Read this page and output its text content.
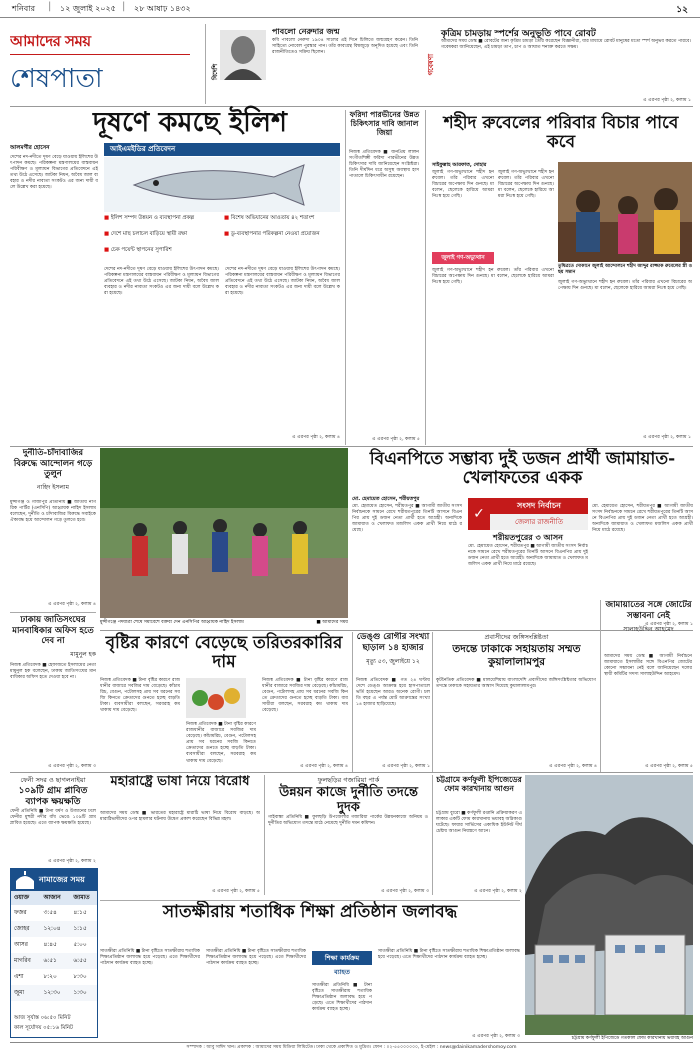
শনিবার | ১২ জুলাই ২০২৫ | ২৮ আষাঢ় ১৪৩২	১২
আমাদের সময়
শেষপাতা	বিদেশি
পাবলো নেরুদার জন্ম
কবি পাবলো নেরুদা ১৯০৪ সালের এই দিনে চিলিতে জন্মগ্রহণ করেন। তিনি সাহিত্যে নোবেল পুরস্কার পান। তাঁর কাব্যগ্রন্থ বিশ্বজুড়ে অনূদিত হয়েছে এবং তিনি রাজনীতিতেও সক্রিয় ছিলেন।
গবেষণা
কৃত্রিম চামড়ায় স্পর্শের অনুভূতি পাবে রোবট
আমাদের সময় ডেস্ক ■ রোবটের জন্য কৃত্রিম চামড়া তৈরি করেছেন বিজ্ঞানীরা, যার মাধ্যমে রোবট মানুষের মতো স্পর্শ অনুভব করতে পারবে। গবেষকরা জানিয়েছেন, এই চামড়া তাপ, চাপ ও আঘাত শনাক্ত করতে সক্ষম।
এ এরপর পৃষ্ঠা ২, কলাম ১
দূষণে কমছে ইলিশ
আলমগীর হোসেন
দেশের নদ-নদীতে দূষণ বেড়ে যাওয়ায় ইলিশের উৎপাদন কমছে। পরিকল্পনা মন্ত্রণালয়ের বাস্তবায়ন পরিবীক্ষণ ও মূল্যায়ন বিভাগের প্রতিবেদনে এই তথ্য উঠে এসেছে। জাটকা নিধন, অবৈধ জাল ব্যবহার ও নদীর নাব্যতা সংকটও এর জন্য দায়ী বলে উল্লেখ করা হয়েছে।
আইএমইডির প্রতিবেদন
■ ইলিশ সম্পদ উন্নয়ন ও ব্যবস্থাপনা প্রকল্প	■ বিশেষ অভিযানের আওতায় ৪২ শতাংশ
■ দেশে মাছ চলাচল বাড়িয়ে স্থায়ী রক্ষা	■ ডু-ব্যবস্থাপনার পরিকল্পনা নেওয়া প্রয়োজন
■ চেক পয়েন্ট স্থাপনের সুপারিশ
দেশের নদ-নদীতে দূষণ বেড়ে যাওয়ায় ইলিশের উৎপাদন কমছে। পরিকল্পনা মন্ত্রণালয়ের বাস্তবায়ন পরিবীক্ষণ ও মূল্যায়ন বিভাগের প্রতিবেদনে এই তথ্য উঠে এসেছে। জাটকা নিধন, অবৈধ জাল ব্যবহার ও নদীর নাব্যতা সংকটও এর জন্য দায়ী বলে উল্লেখ করা হয়েছে।
দেশের নদ-নদীতে দূষণ বেড়ে যাওয়ায় ইলিশের উৎপাদন কমছে। পরিকল্পনা মন্ত্রণালয়ের বাস্তবায়ন পরিবীক্ষণ ও মূল্যায়ন বিভাগের প্রতিবেদনে এই তথ্য উঠে এসেছে। জাটকা নিধন, অবৈধ জাল ব্যবহার ও নদীর নাব্যতা সংকটও এর জন্য দায়ী বলে উল্লেখ করা হয়েছে।
এ এরপর পৃষ্ঠা ২, কলাম ৪
ফরিদা পারভীনের উন্নত চিকিৎসার দাবি জানাল জিয়া
নিজস্ব প্রতিবেদক ■ জনপ্রিয় লালনসংগীতশিল্পী ফরিদা পারভীনের উন্নত চিকিৎসার দাবি জানিয়েছেন সংশ্লিষ্টরা। তিনি দীর্ঘদিন ধরে অসুস্থ অবস্থায় হাসপাতালে চিকিৎসাধীন রয়েছেন।
এ এরপর পৃষ্ঠা ২, কলাম ৫
শহীদ রুবেলের পরিবার বিচার পাবে কবে
সাইফুল্লাহ আরফাত, দোহার
জুলাই গণ-অভ্যুত্থানে শহীদ হন রুবেল। তাঁর পরিবার এখনো বিচারের অপেক্ষায় দিন গুনছে। মা বলেন, ছেলেকে হারিয়ে আমরা নিঃস্ব হয়ে গেছি।
জুলাই গণ-অভ্যুত্থান
জুলাই গণ-অভ্যুত্থানে শহীদ হন রুবেল। তাঁর পরিবার এখনো বিচারের অপেক্ষায় দিন গুনছে। মা বলেন, ছেলেকে হারিয়ে আমরা নিঃস্ব হয়ে গেছি।
জুলাই গণ-অভ্যুত্থানে শহীদ হন রুবেল। তাঁর পরিবার এখনো বিচারের অপেক্ষায় দিন গুনছে। মা বলেন, ছেলেকে হারিয়ে আমরা নিঃস্ব হয়ে গেছি।
তুষিত্রতে দোকানে জুলাই আন্দোলনে শহীদ আব্দুর রাজ্জাক রুবেলের স্ত্রী ও ছয় সন্তান
জুলাই গণ-অভ্যুত্থানে শহীদ হন রুবেল। তাঁর পরিবার এখনো বিচারের অপেক্ষায় দিন গুনছে। মা বলেন, ছেলেকে হারিয়ে আমরা নিঃস্ব হয়ে গেছি।
এ এরপর পৃষ্ঠা ২, কলাম ১
দুর্নীতি-চাঁদাবাজির বিরুদ্ধে আন্দোলন গড়ে তুলুন
নাহিদ ইসলাম
মুন্সীগঞ্জ ও গাজীপুর প্রতিনিধি ■ জাতীয় নাগরিক পার্টির (এনসিপি) আহ্বায়ক নাহিদ ইসলাম বলেছেন, দুর্নীতি ও চাঁদাবাজির বিরুদ্ধে সবাইকে ঐক্যবদ্ধ হয়ে আন্দোলন গড়ে তুলতে হবে।
এ এরপর পৃষ্ঠা ২, কলাম ৪
মুন্সীগঞ্জে পদযাত্রা শেষে সমাবেশে বক্তব্য দেন এনসিপির আহ্বায়ক নাহিদ ইসলাম	■ আমাদের সময়
বিএনপিতে সম্ভাব্য দুই ডজন প্রার্থী জামায়াত-খেলাফতের একক
মো. হেমায়েত হোসেন, শরীয়তপুর
মো. হেমায়েত হোসেন, শরীয়তপুর ■ আগামী জাতীয় সংসদ নির্বাচনকে সামনে রেখে শরীয়তপুরের তিনটি আসনে বিএনপির প্রায় দুই ডজন নেতা প্রার্থী হতে আগ্রহী। অন্যদিকে জামায়াত ও খেলাফত মজলিস একক প্রার্থী নিয়ে মাঠে রয়েছে।
✓
সংসদ নির্বাচন
জেলার রাজনীতি
শরীয়তপুরের ৩ আসন
মো. হেমায়েত হোসেন, শরীয়তপুর ■ আগামী জাতীয় সংসদ নির্বাচনকে সামনে রেখে শরীয়তপুরের তিনটি আসনে বিএনপির প্রায় দুই ডজন নেতা প্রার্থী হতে আগ্রহী। অন্যদিকে জামায়াত ও খেলাফত মজলিস একক প্রার্থী নিয়ে মাঠে রয়েছে।
মো. হেমায়েত হোসেন, শরীয়তপুর ■ আগামী জাতীয় সংসদ নির্বাচনকে সামনে রেখে শরীয়তপুরের তিনটি আসনে বিএনপির প্রায় দুই ডজন নেতা প্রার্থী হতে আগ্রহী। অন্যদিকে জামায়াত ও খেলাফত মজলিস একক প্রার্থী নিয়ে মাঠে রয়েছে।
এ এরপর পৃষ্ঠা ২, কলাম ১
বৃষ্টির কারণে বেড়েছে তরিতরকারির দাম
নিজস্ব প্রতিবেদক ■ টানা বৃষ্টির কারণে রাজধানীর বাজারে সবজির দাম বেড়েছে। কাঁচামরিচ, বেগুন, পটোলসহ প্রায় সব ধরনের সবজি কিনতে ক্রেতাদের গুনতে হচ্ছে বাড়তি টাকা। ব্যবসায়ীরা বলছেন, সরবরাহ কম থাকায় দাম বেড়েছে।
নিজস্ব প্রতিবেদক ■ টানা বৃষ্টির কারণে রাজধানীর বাজারে সবজির দাম বেড়েছে। কাঁচামরিচ, বেগুন, পটোলসহ প্রায় সব ধরনের সবজি কিনতে ক্রেতাদের গুনতে হচ্ছে বাড়তি টাকা। ব্যবসায়ীরা বলছেন, সরবরাহ কম থাকায় দাম বেড়েছে।
নিজস্ব প্রতিবেদক ■ টানা বৃষ্টির কারণে রাজধানীর বাজারে সবজির দাম বেড়েছে। কাঁচামরিচ, বেগুন, পটোলসহ প্রায় সব ধরনের সবজি কিনতে ক্রেতাদের গুনতে হচ্ছে বাড়তি টাকা। ব্যবসায়ীরা বলছেন, সরবরাহ কম থাকায় দাম বেড়েছে।
এ এরপর পৃষ্ঠা ২, কলাম ৪
ডেঙ্গু রোগীর সংখ্যা ছাড়াল ১৪ হাজার
মৃত্যু ৫৩, জুলাইয়ে ১২
নিজস্ব প্রতিবেদক ■ গত ২৪ ঘণ্টায় দেশে ডেঙ্গু আক্রান্ত হয়ে হাসপাতালে ভর্তি হয়েছেন আরও অনেক রোগী। চলতি বছর এ পর্যন্ত মোট আক্রান্তের সংখ্যা ১৪ হাজার ছাড়িয়েছে।
এ এরপর পৃষ্ঠা ২, কলাম ১
প্রবাসীদের জঙ্গিসংশ্লিষ্টতা
তদন্তে ঢাকাকে সহায়তায় সম্মত কুয়ালালামপুর
কূটনৈতিক প্রতিবেদক ■ মালয়েশিয়ায় বাংলাদেশি প্রবাসীদের জঙ্গিসংশ্লিষ্টতার অভিযোগ তদন্তে ঢাকাকে সহায়তার আশ্বাস দিয়েছে কুয়ালালামপুর।
এ এরপর পৃষ্ঠা ২, কলাম ৪
জামায়াতের সঙ্গে জোটের সম্ভাবনা নেই
সালাহউদ্দিন আহমেদ
আমাদের সময় ডেস্ক ■ আগামী নির্বাচনে জামায়াতে ইসলামীর সঙ্গে বিএনপির জোটের কোনো সম্ভাবনা নেই বলে জানিয়েছেন দলের স্থায়ী কমিটির সদস্য সালাহউদ্দিন আহমেদ।
এ এরপর পৃষ্ঠা ২, কলাম ৫
ঢাকায় জাতিসংঘের মানবাধিকার অফিস হতে দেব না
মামুনুল হক
নিজস্ব প্রতিবেদক ■ হেফাজতে ইসলামের নেতা মামুনুল হক বলেছেন, ঢাকায় জাতিসংঘের মানবাধিকার অফিস হতে দেওয়া হবে না।
এ এরপর পৃষ্ঠা ২, কলাম ৩
মহারাষ্ট্রে ভাষা নিয়ে বিরোধ
আমাদের সময় ডেস্ক ■ ভারতের মহারাষ্ট্রে মারাঠি ভাষা নিয়ে বিরোধ বাড়ছে। অমারাঠিভাষীদের ওপর হামলার ঘটনায় উদ্বেগ প্রকাশ করেছেন বিভিন্ন মহল।
এ এরপর পৃষ্ঠা ২, কলাম ৫
ফুলছড়ির গজারিয়া পার্ক
উন্নয়ন কাজে দুর্নীতি তদন্তে দুদক
গাইবান্ধা প্রতিনিধি ■ ফুলছড়ি উপজেলার গজারিয়া পার্কের উন্নয়নকাজে অনিয়ম ও দুর্নীতির অভিযোগ তদন্তে মাঠে নেমেছে দুর্নীতি দমন কমিশন।
এ এরপর পৃষ্ঠা ২, কলাম ৩
চট্টগ্রামে কর্ণফুলী ইপিজেডের ফোম কারখানায় আগুন
চট্টগ্রাম ব্যুরো ■ কর্ণফুলী রপ্তানি প্রক্রিয়াকরণ এলাকার একটি ফোম কারখানায় ভয়াবহ অগ্নিকাণ্ড ঘটেছে। ফায়ার সার্ভিসের একাধিক ইউনিট দীর্ঘ চেষ্টায় আগুন নিয়ন্ত্রণে আনে।
এ এরপর পৃষ্ঠা ২, কলাম ২
চট্টগ্রাম কর্ণফুলী ইপিজেডে গতকাল ফোম কারখানায় ভয়াবহ আগুন
ফেনী সদর ও ছাগলনাইয়া
১০৯টি গ্রাম প্লাবিত ব্যাপক ক্ষয়ক্ষতি
ফেনী প্রতিনিধি ■ টানা বর্ষণ ও উজানের ঢলে ফেনীর মুহুরী নদীর বাঁধ ভেঙে ১০৯টি গ্রাম প্লাবিত হয়েছে। এতে ব্যাপক ক্ষয়ক্ষতি হয়েছে।
এ এরপর পৃষ্ঠা ২, কলাম ২
নামাজের সময়
ওয়াক্ত	আজান	জামাত
ফজর	৩:৫৪	৪:১৫
জোহর	১২:০৪	১:১৫
আসর	৪:৪৫	৫:০০
মাগরিব	৬:৫১	৬:৫৫
এশা	৮:২০	৮:৩০
জুমা	১২:৩০	১:৩০
আজ সূর্যাস্ত ০৬:৫০ মিনিট
কাল সূর্যোদয় ০৫:১৬ মিনিট
সাতক্ষীরায় শতাধিক শিক্ষা প্রতিষ্ঠান জলাবদ্ধ
সাতক্ষীরা প্রতিনিধি ■ টানা বৃষ্টিতে সাতক্ষীরায় শতাধিক শিক্ষাপ্রতিষ্ঠান জলাবদ্ধ হয়ে পড়েছে। এতে শিক্ষার্থীদের পাঠদান কার্যক্রম ব্যাহত হচ্ছে।
সাতক্ষীরা প্রতিনিধি ■ টানা বৃষ্টিতে সাতক্ষীরায় শতাধিক শিক্ষাপ্রতিষ্ঠান জলাবদ্ধ হয়ে পড়েছে। এতে শিক্ষার্থীদের পাঠদান কার্যক্রম ব্যাহত হচ্ছে।
শিক্ষা কার্যক্রম
ব্যাহত
সাতক্ষীরা প্রতিনিধি ■ টানা বৃষ্টিতে সাতক্ষীরায় শতাধিক শিক্ষাপ্রতিষ্ঠান জলাবদ্ধ হয়ে পড়েছে। এতে শিক্ষার্থীদের পাঠদান কার্যক্রম ব্যাহত হচ্ছে।
সাতক্ষীরা প্রতিনিধি ■ টানা বৃষ্টিতে সাতক্ষীরায় শতাধিক শিক্ষাপ্রতিষ্ঠান জলাবদ্ধ হয়ে পড়েছে। এতে শিক্ষার্থীদের পাঠদান কার্যক্রম ব্যাহত হচ্ছে।
এ এরপর পৃষ্ঠা ২, কলাম ৩
সম্পাদক : আবু সাঈদ খান। প্রকাশক : আমাদের সময় মিডিয়া লিমিটেড। ঢাকা থেকে প্রকাশিত ও মুদ্রিত। ফোন : ০২-৫৫০০০০০০, ই-মেইল : news@dainikamadershomoy.com
